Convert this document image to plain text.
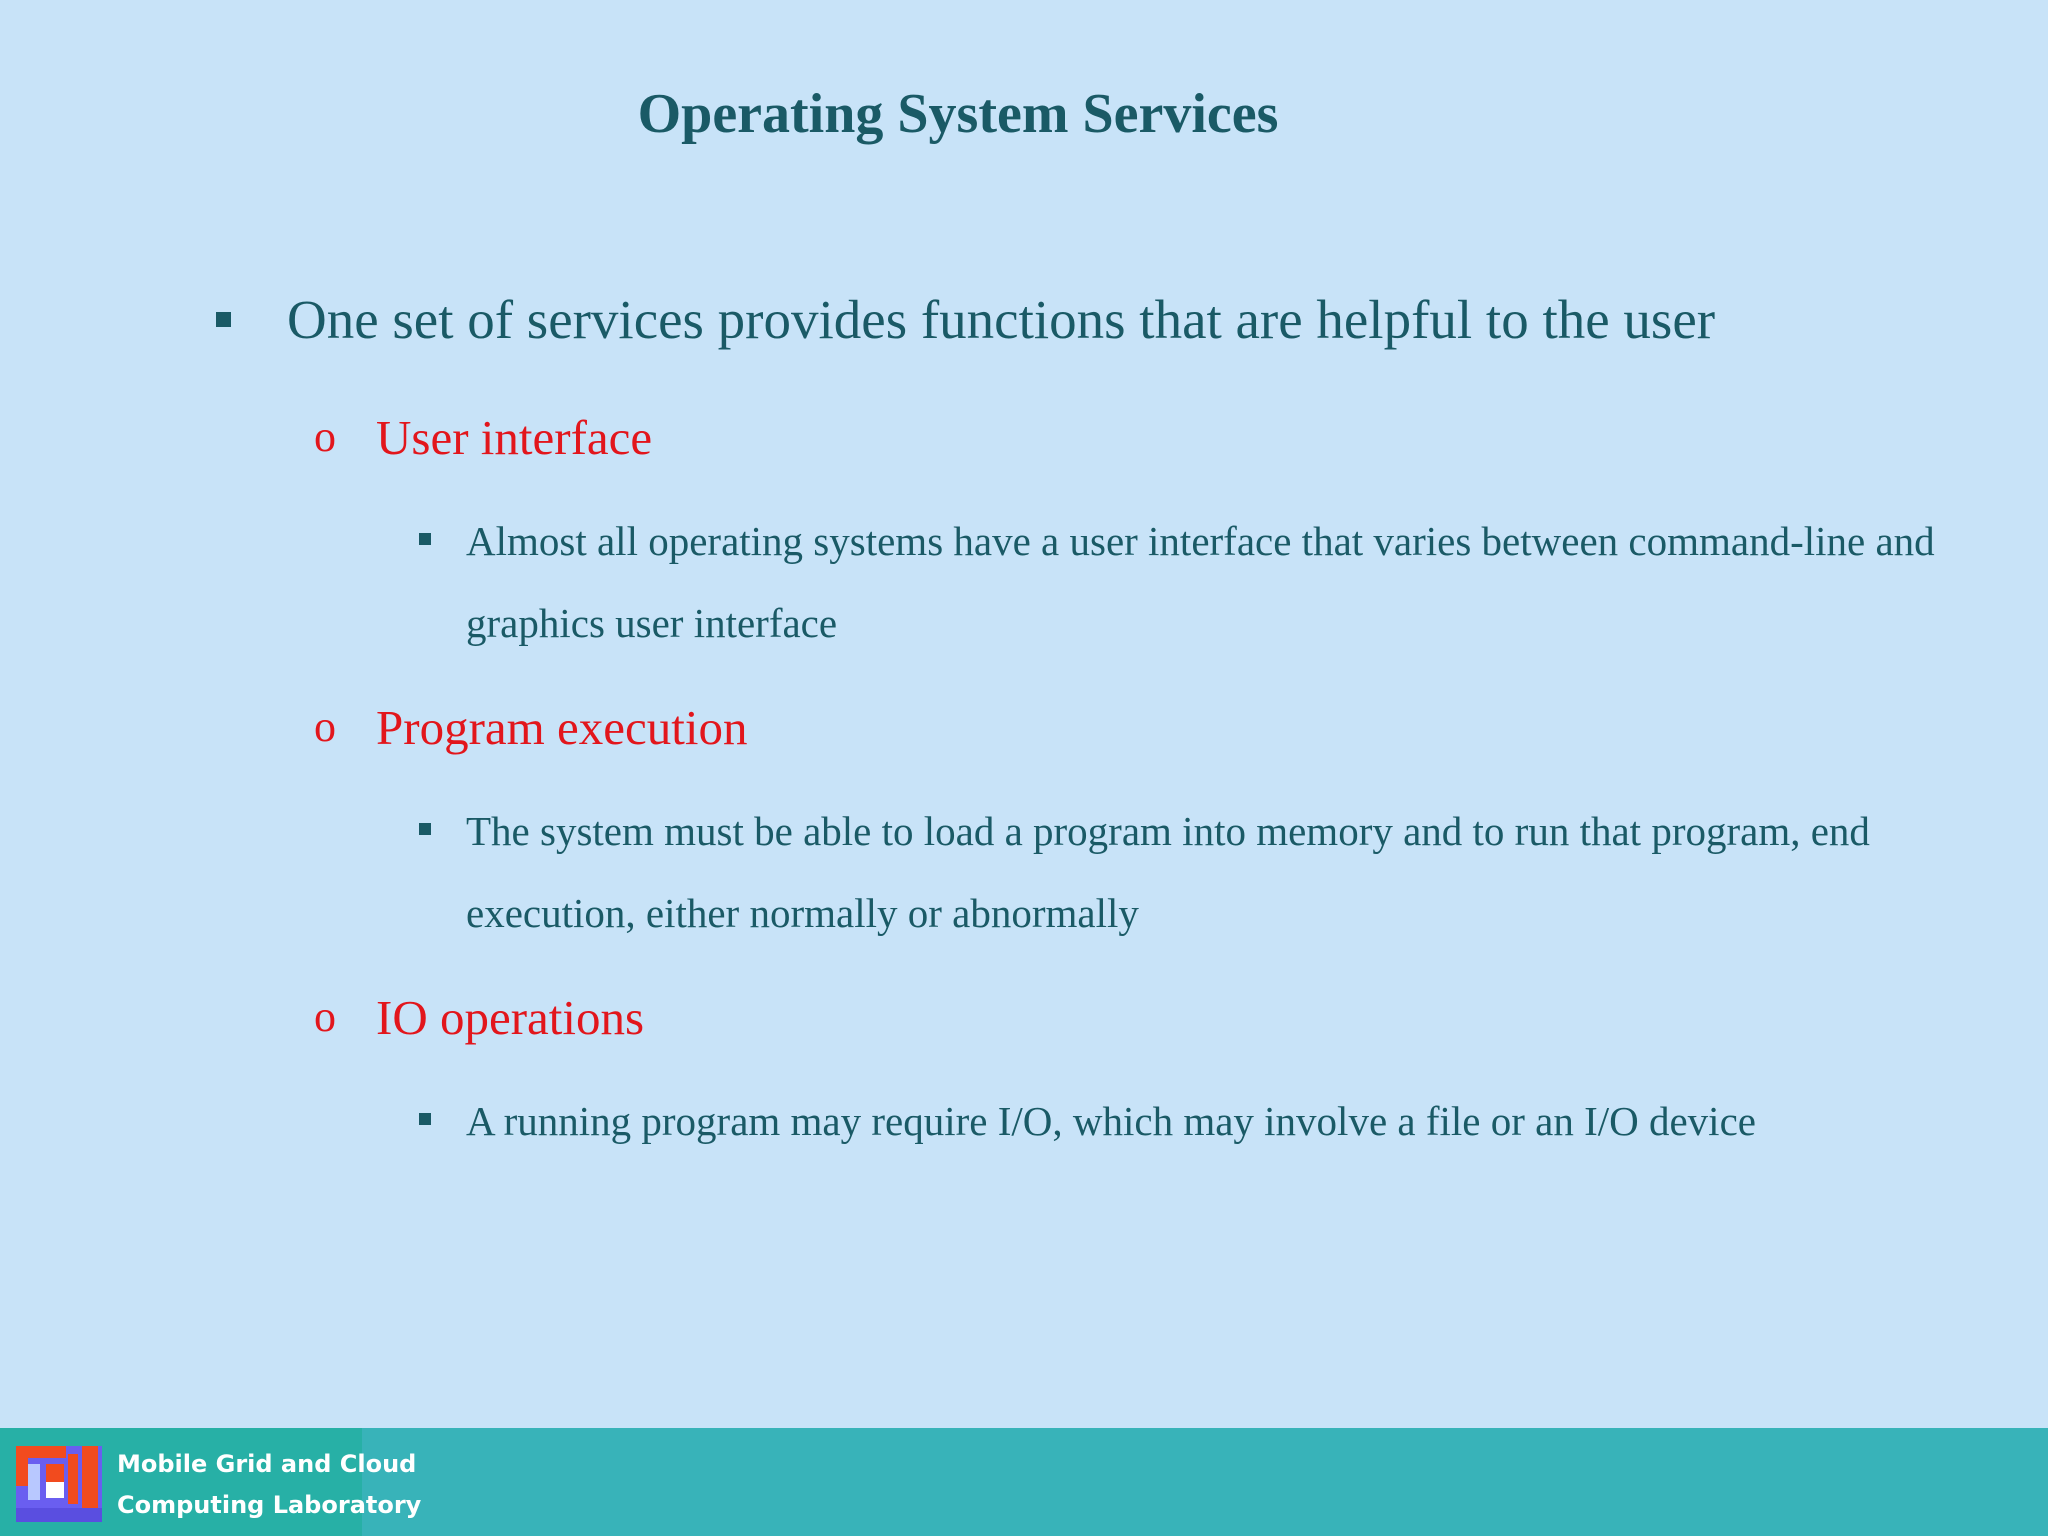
Operating System Services
One set of services provides functions that are helpful to the user
o User interface
Almost all operating systems have a user interface that varies between command-line and graphics user interface
o Program execution
The system must be able to load a program into memory and to run that program, end execution, either normally or abnormally
o IO operations
A running program may require I/O, which may involve a file or an I/O device
Mobile Grid and Cloud
Computing Laboratory
